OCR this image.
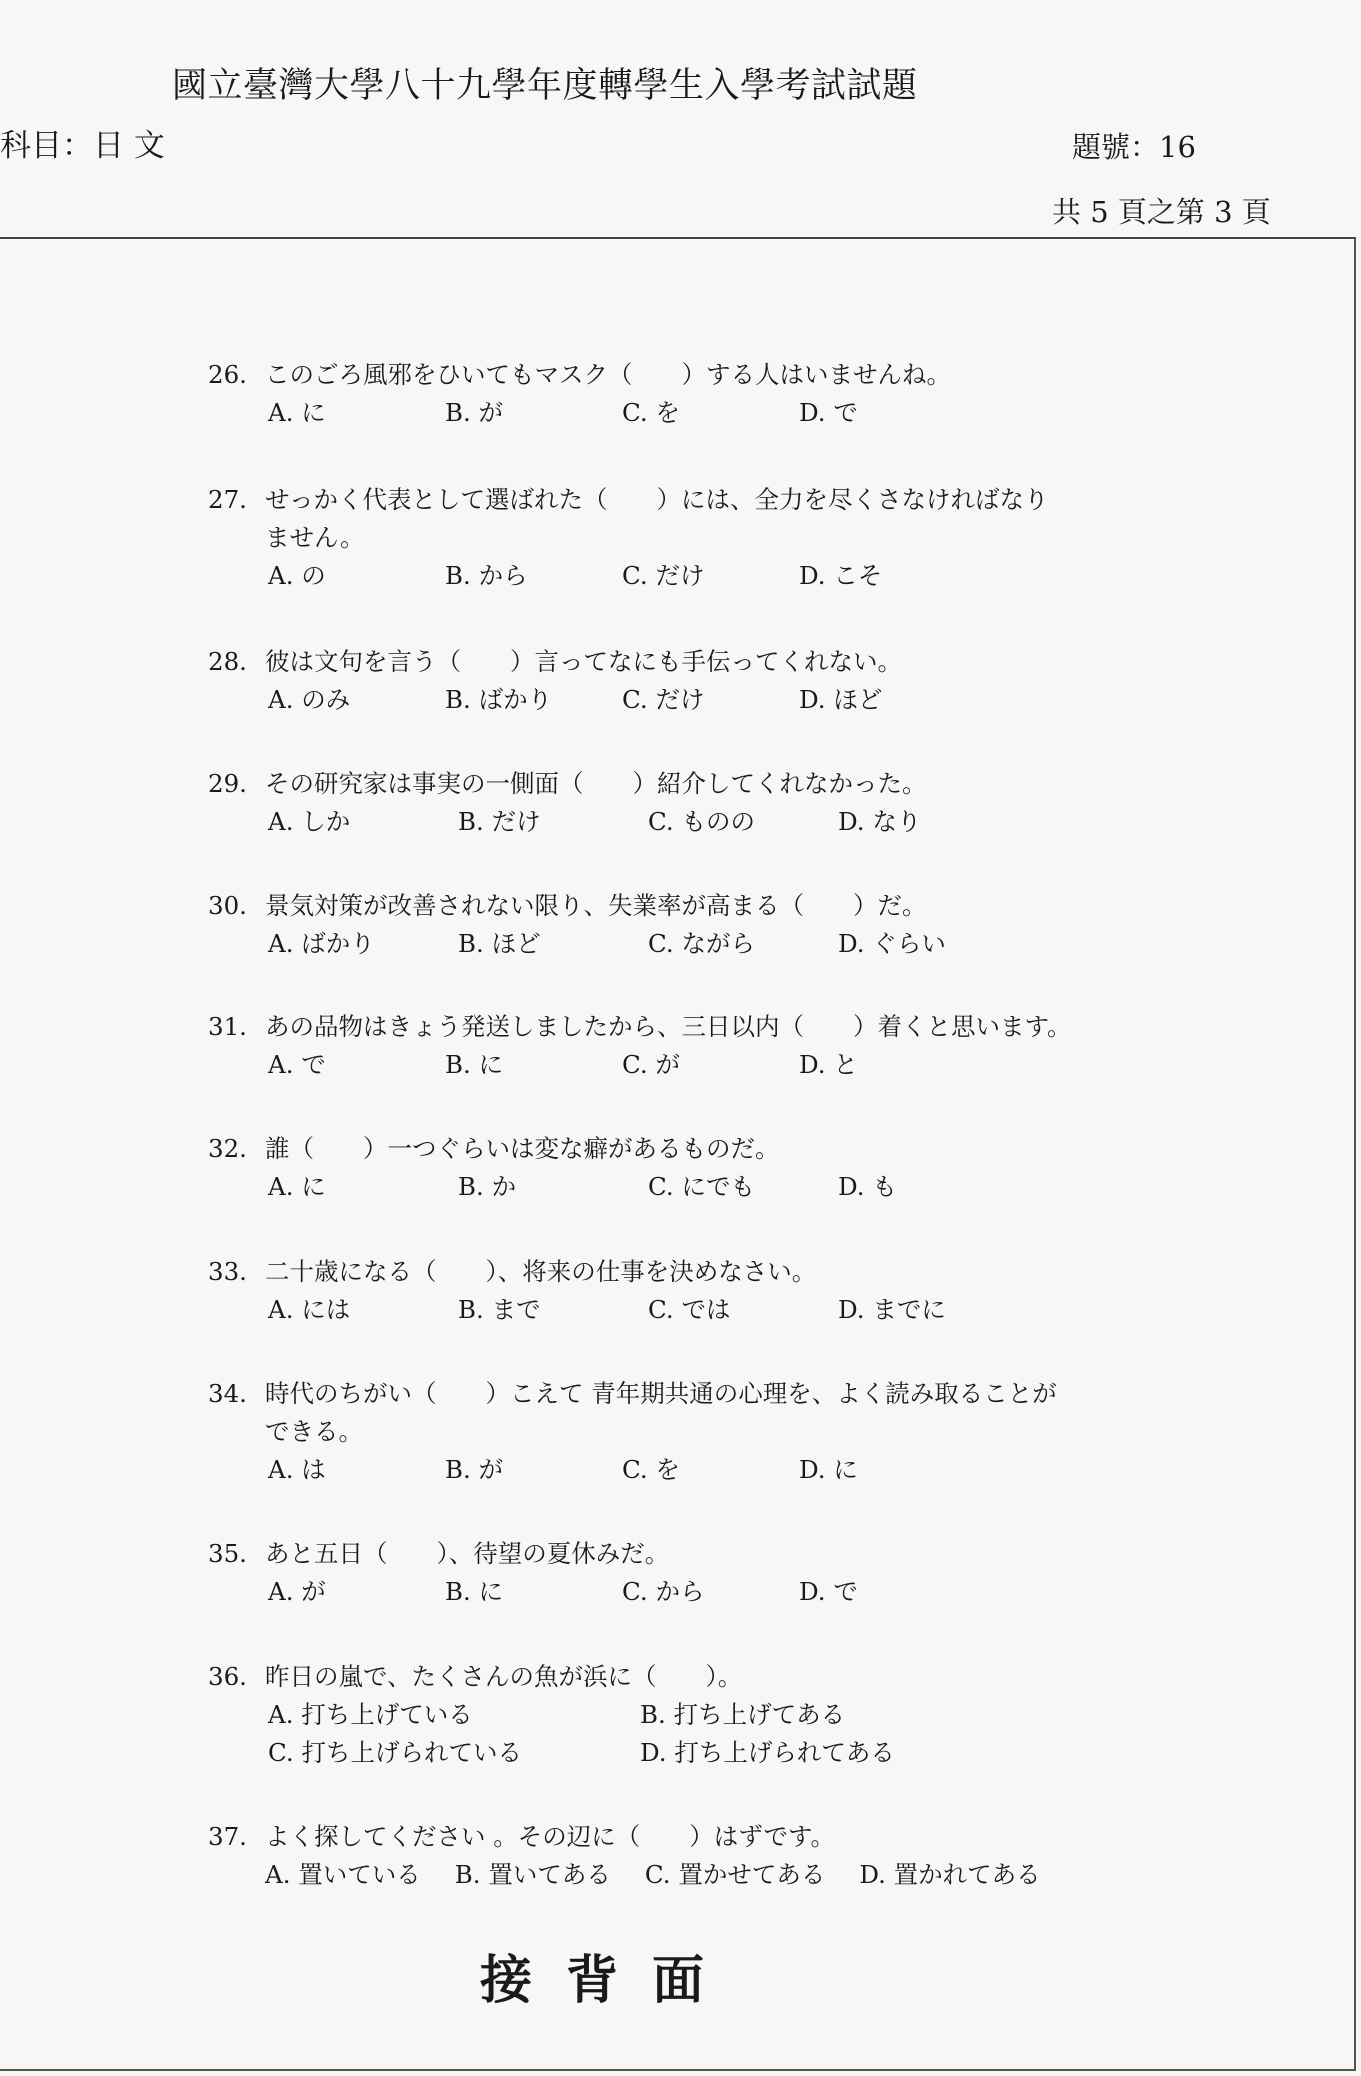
國立臺灣大學八十九學年度轉學生入學考試試題
科目：日 文	題號：16
共 5 頁之第 3 頁
26. このごろ風邪をひいてもマスク（　　）する人はいませんね。
A. に	B. が	C. を	D. で
27. せっかく代表として選ばれた（　　）には、全力を尽くさなければなり
ません。
A. の	B. から	C. だけ	D. こそ
28. 彼は文句を言う（　　）言ってなにも手伝ってくれない。
A. のみ	B. ばかり	C. だけ	D. ほど
29. その研究家は事実の一側面（　　）紹介してくれなかった。
A. しか	B. だけ	C. ものの	D. なり
30. 景気対策が改善されない限り、失業率が高まる（　　）だ。
A. ばかり	B. ほど	C. ながら	D. ぐらい
31. あの品物はきょう発送しましたから、三日以内（　　）着くと思います。
A. で	B. に	C. が	D. と
32. 誰（　　）一つぐらいは変な癖があるものだ。
A. に	B. か	C. にでも	D. も
33. 二十歳になる（　　）、将来の仕事を決めなさい。
A. には	B. まで	C. では	D. までに
34. 時代のちがい（　　）こえて 青年期共通の心理を、よく読み取ることが
できる。
A. は	B. が	C. を	D. に
35. あと五日（　　）、待望の夏休みだ。
A. が	B. に	C. から	D. で
36. 昨日の嵐で、たくさんの魚が浜に（　　）。
A. 打ち上げている	B. 打ち上げてある
C. 打ち上げられている	D. 打ち上げられてある
37. よく探してください 。その辺に（　　）はずです。
A. 置いている B. 置いてある C. 置かせてある D. 置かれてある
接背面
